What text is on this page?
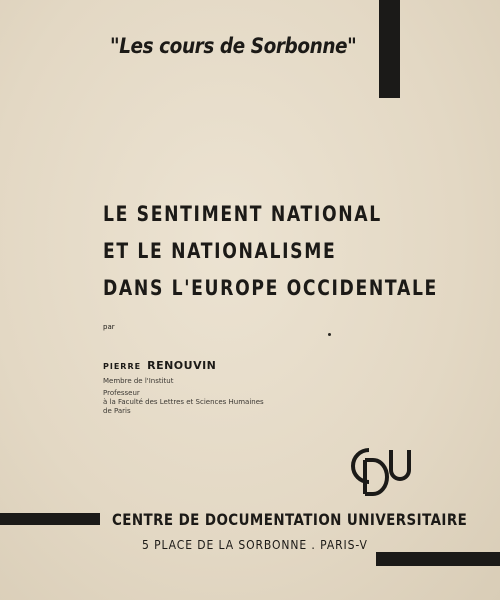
"Les cours de Sorbonne"
LE SENTIMENT NATIONAL
ET LE NATIONALISME
DANS L'EUROPE OCCIDENTALE
par
PIERRE RENOUVIN
Membre de l'Institut
Professeur
à la Faculté des Lettres et Sciences Humaines
de Paris
CENTRE DE DOCUMENTATION UNIVERSITAIRE
5 PLACE DE LA SORBONNE . PARIS-V
